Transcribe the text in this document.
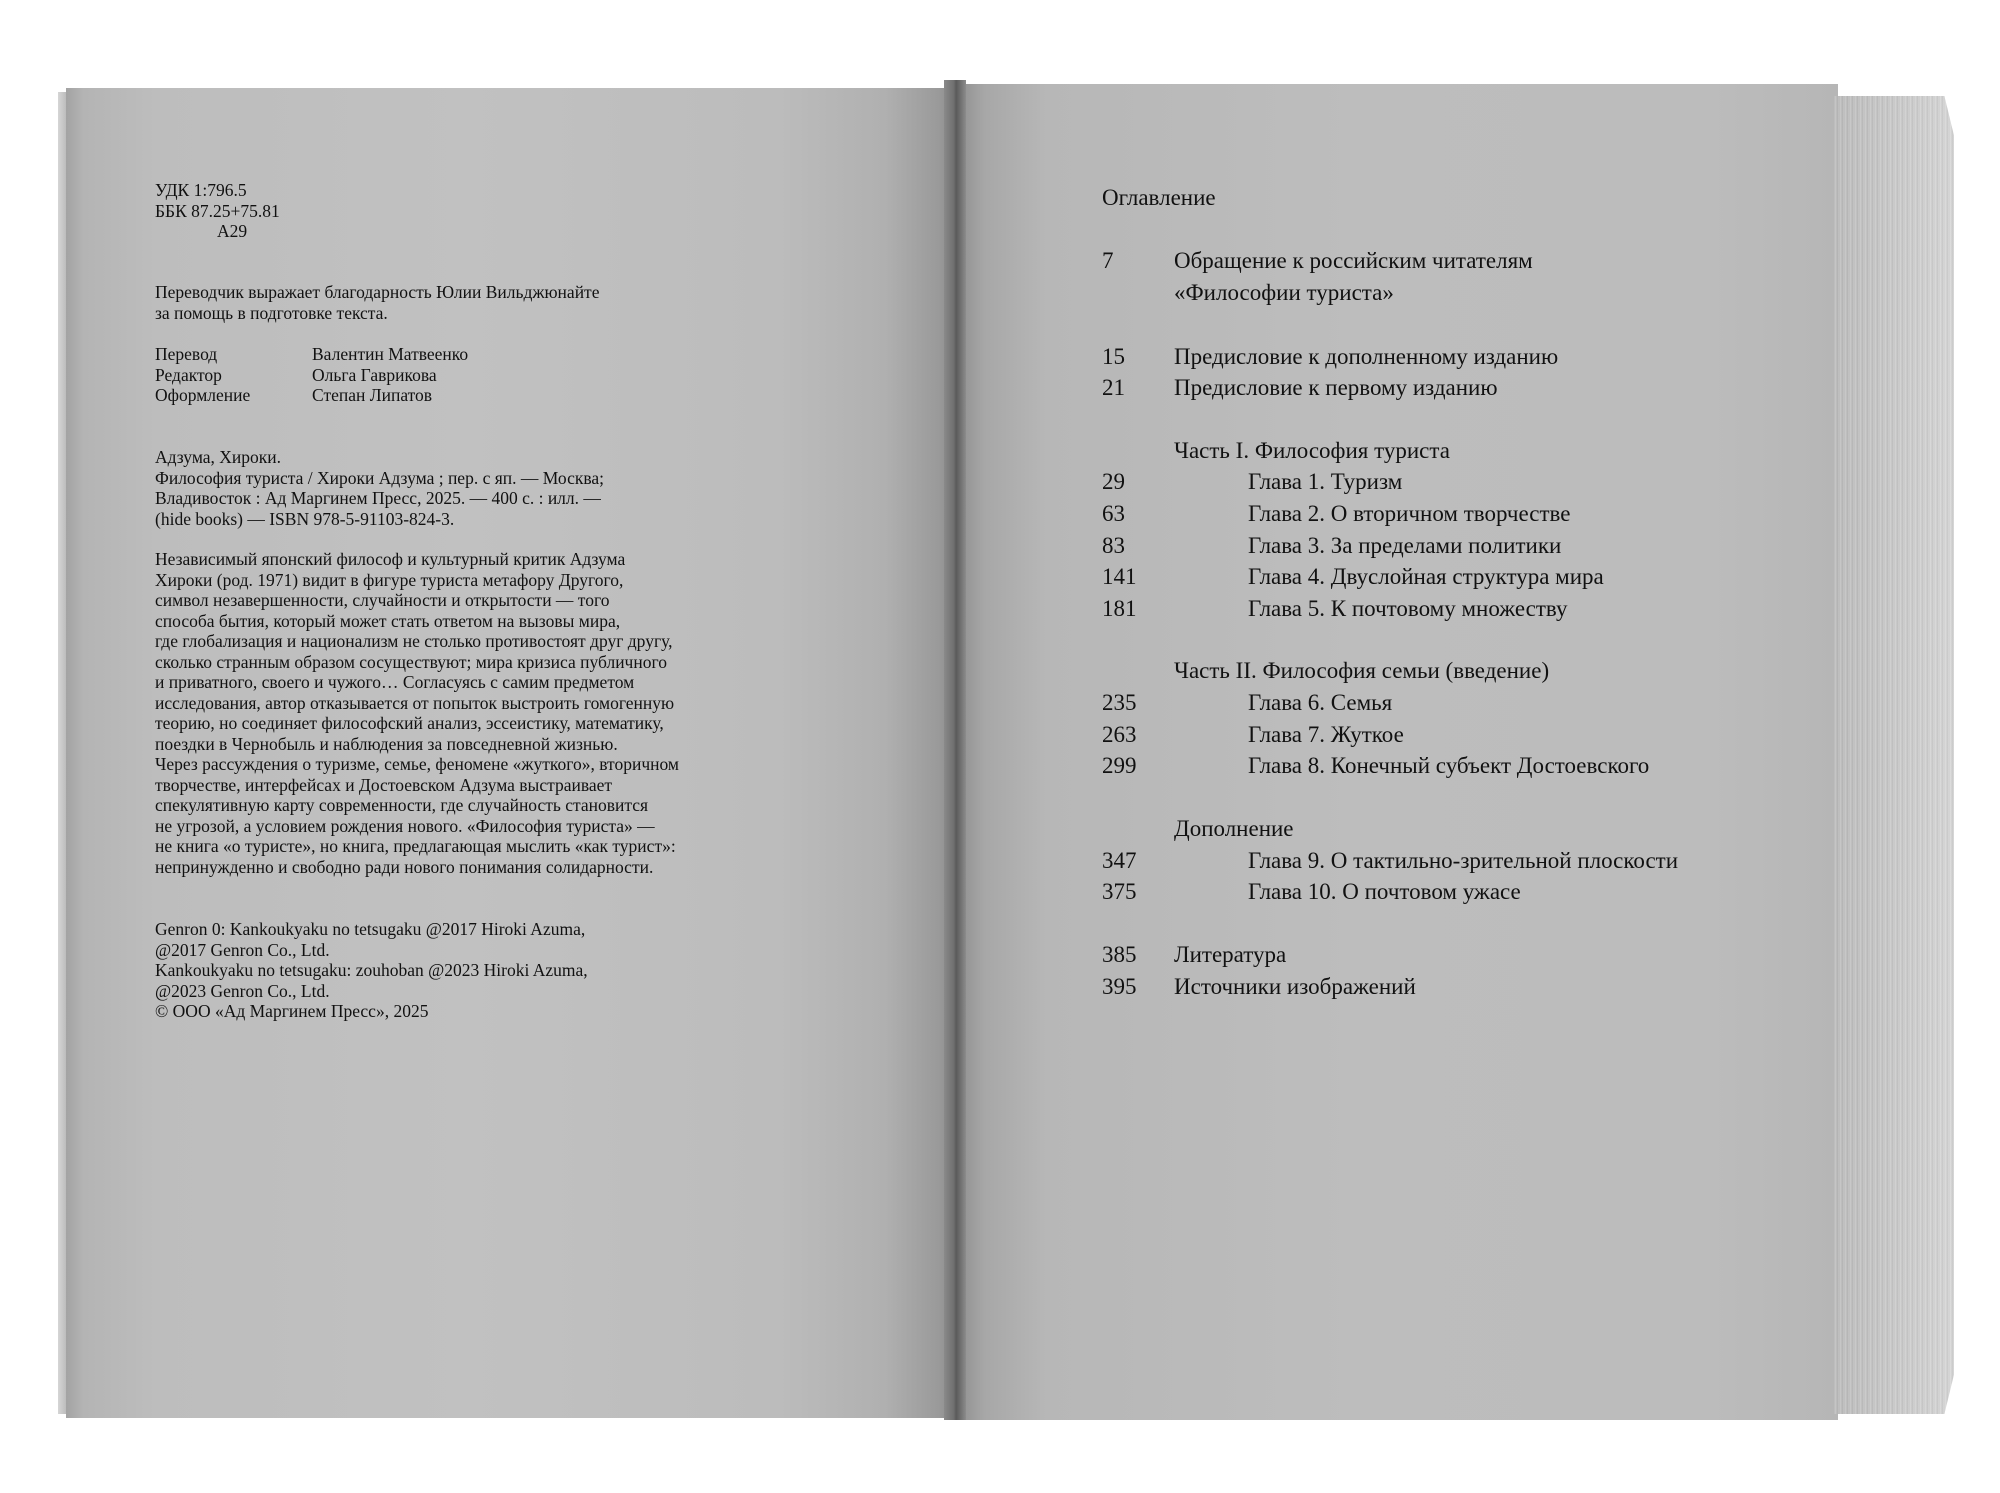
УДК 1:796.5

ББК 87.25+75.81

А29

Переводчик выражает благодарность Юлии Вильджюнайте

за помощь в подготовке текста.

Перевод	Валентин Матвеенко
Редактор	Ольга Гаврикова
Оформление	Степан Липатов

Адзума, Хироки.

Философия туриста / Хироки Адзума ; пер. с яп. — Москва;

Владивосток : Ад Маргинем Пресс, 2025. — 400 с. : илл. —

(hide books) — ISBN 978-5-91103-824-3.

Независимый японский философ и культурный критик Адзума

Хироки (род. 1971) видит в фигуре туриста метафору Другого,

символ незавершенности, случайности и открытости — того

способа бытия, который может стать ответом на вызовы мира,

где глобализация и национализм не столько противостоят друг другу,

сколько странным образом сосуществуют; мира кризиса публичного

и приватного, своего и чужого… Согласуясь с самим предметом

исследования, автор отказывается от попыток выстроить гомогенную

теорию, но соединяет философский анализ, эссеистику, математику,

поездки в Чернобыль и наблюдения за повседневной жизнью.

Через рассуждения о туризме, семье, феномене «жуткого», вторичном

творчестве, интерфейсах и Достоевском Адзума выстраивает

спекулятивную карту современности, где случайность становится

не угрозой, а условием рождения нового. «Философия туриста» —

не книга «о туристе», но книга, предлагающая мыслить «как турист»:

непринужденно и свободно ради нового понимания солидарности.

Genron 0: Kankoukyaku no tetsugaku @2017 Hiroki Azuma,

@2017 Genron Co., Ltd.

Kankoukyaku no tetsugaku: zouhoban @2023 Hiroki Azuma,

@2023 Genron Co., Ltd.

© ООО «Ад Маргинем Пресс», 2025

Оглавление
7	Обращение к российским читателям
«Философии туриста»
15 Предисловие к дополненному изданию
21 Предисловие к первому изданию
Часть I. Философия туриста
29	Глава 1. Туризм
63	Глава 2. О вторичном творчестве
83	Глава 3. За пределами политики
141	Глава 4. Двуслойная структура мира
181	Глава 5. К почтовому множеству
Часть II. Философия семьи (введение)
235	Глава 6. Семья
263	Глава 7. Жуткое
299	Глава 8. Конечный субъект Достоевского
Дополнение
347	Глава 9. О тактильно-зрительной плоскости
375	Глава 10. О почтовом ужасе
385 Литература
395 Источники изображений
